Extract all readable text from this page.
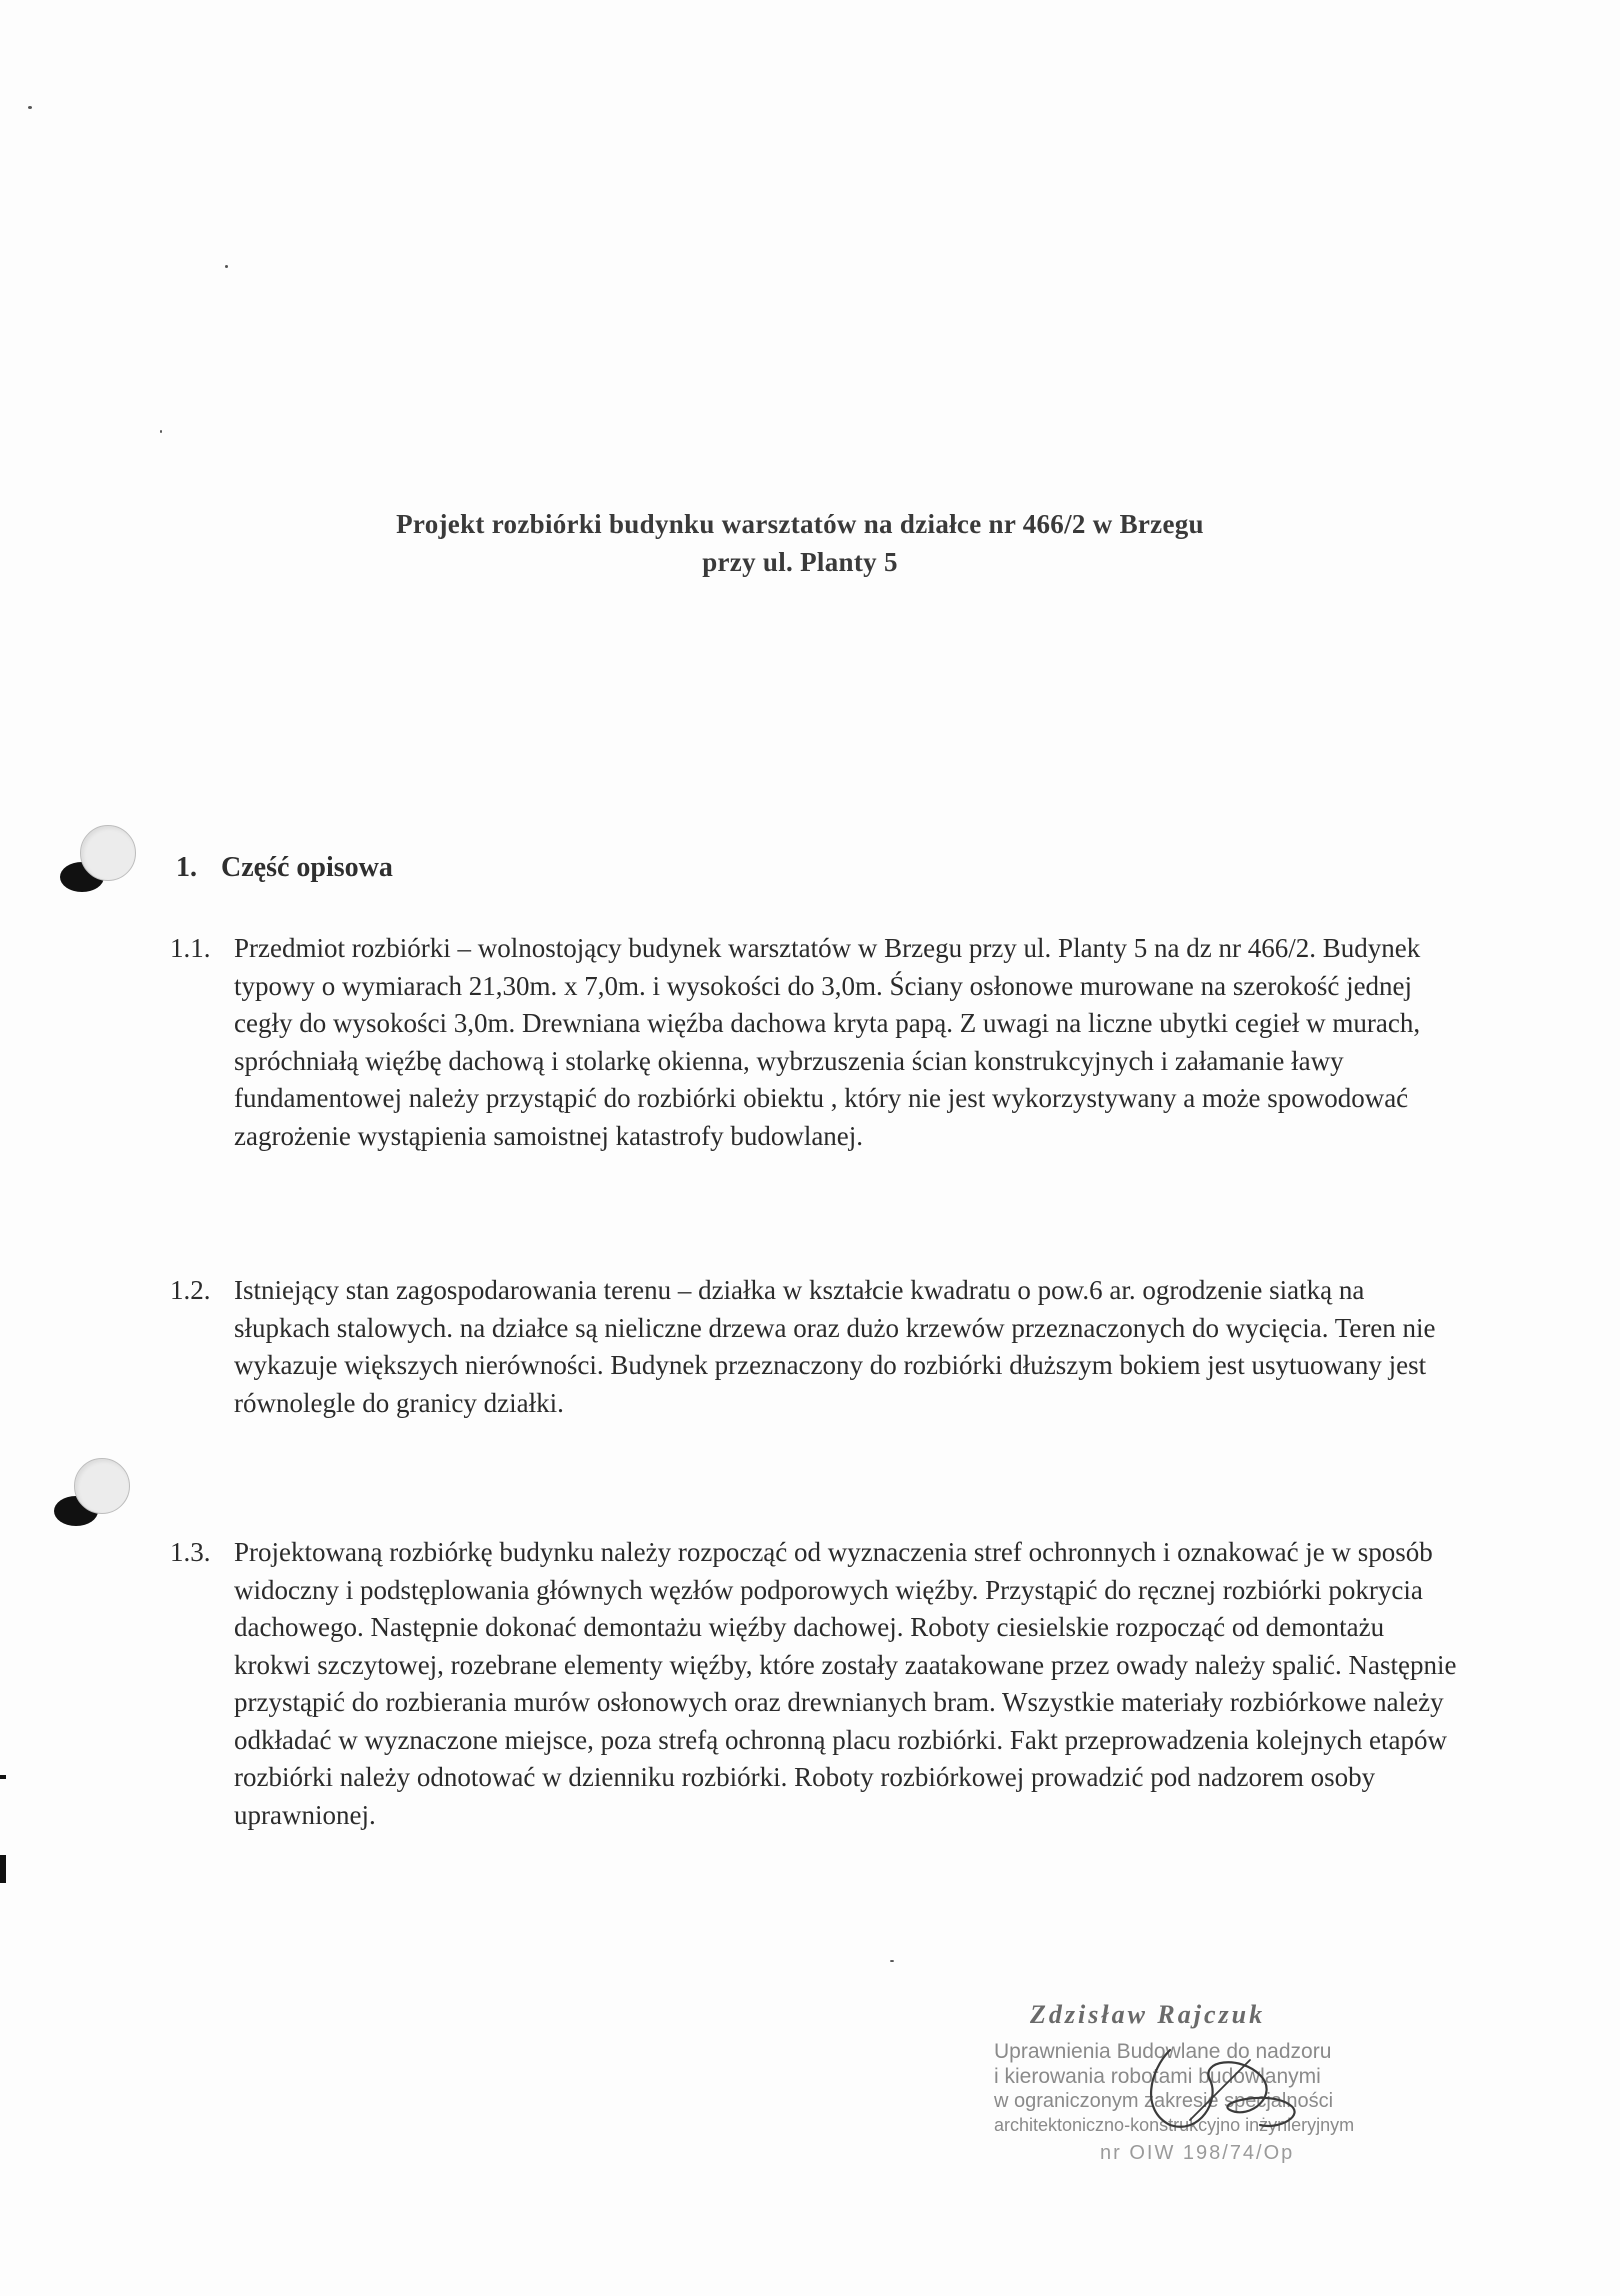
Projekt rozbiórki budynku warsztatów na działce nr 466/2 w Brzegu
przy ul. Planty 5
1. Część opisowa
1.1. Przedmiot rozbiórki – wolnostojący budynek warsztatów w Brzegu przy ul. Planty 5 na dz nr 466/2. Budynek typowy o wymiarach 21,30m. x 7,0m. i wysokości do 3,0m. Ściany osłonowe murowane na szerokość jednej cegły do wysokości 3,0m. Drewniana więźba dachowa kryta papą. Z uwagi na liczne ubytki cegieł w murach, spróchniałą więźbę dachową i stolarkę okienna, wybrzuszenia ścian konstrukcyjnych i załamanie ławy fundamentowej należy przystąpić do rozbiórki obiektu , który nie jest wykorzystywany a może spowodować zagrożenie wystąpienia samoistnej katastrofy budowlanej.
1.2. Istniejący stan zagospodarowania terenu – działka w kształcie kwadratu o pow.6 ar. ogrodzenie siatką na słupkach stalowych. na działce są nieliczne drzewa oraz dużo krzewów przeznaczonych do wycięcia. Teren nie wykazuje większych nierówności. Budynek przeznaczony do rozbiórki dłuższym bokiem jest usytuowany jest równolegle do granicy działki.
1.3. Projektowaną rozbiórkę budynku należy rozpocząć od wyznaczenia stref ochronnych i oznakować je w sposób widoczny i podstęplowania głównych węzłów podporowych więźby. Przystąpić do ręcznej rozbiórki pokrycia dachowego. Następnie dokonać demontażu więźby dachowej. Roboty ciesielskie rozpocząć od demontażu krokwi szczytowej, rozebrane elementy więźby, które zostały zaatakowane przez owady należy spalić. Następnie przystąpić do rozbierania murów osłonowych oraz drewnianych bram. Wszystkie materiały rozbiórkowe należy odkładać w wyznaczone miejsce, poza strefą ochronną placu rozbiórki. Fakt przeprowadzenia kolejnych etapów rozbiórki należy odnotować w dzienniku rozbiórki. Roboty rozbiórkowej prowadzić pod nadzorem osoby uprawnionej.
Zdzisław Rajczuk
Uprawnienia Budowlane do nadzoru
i kierowania robotami budowlanymi
w ograniczonym zakresie specjalności
architektoniczno-konstrukcyjno inżynieryjnym
nr OIW 198/74/Op
